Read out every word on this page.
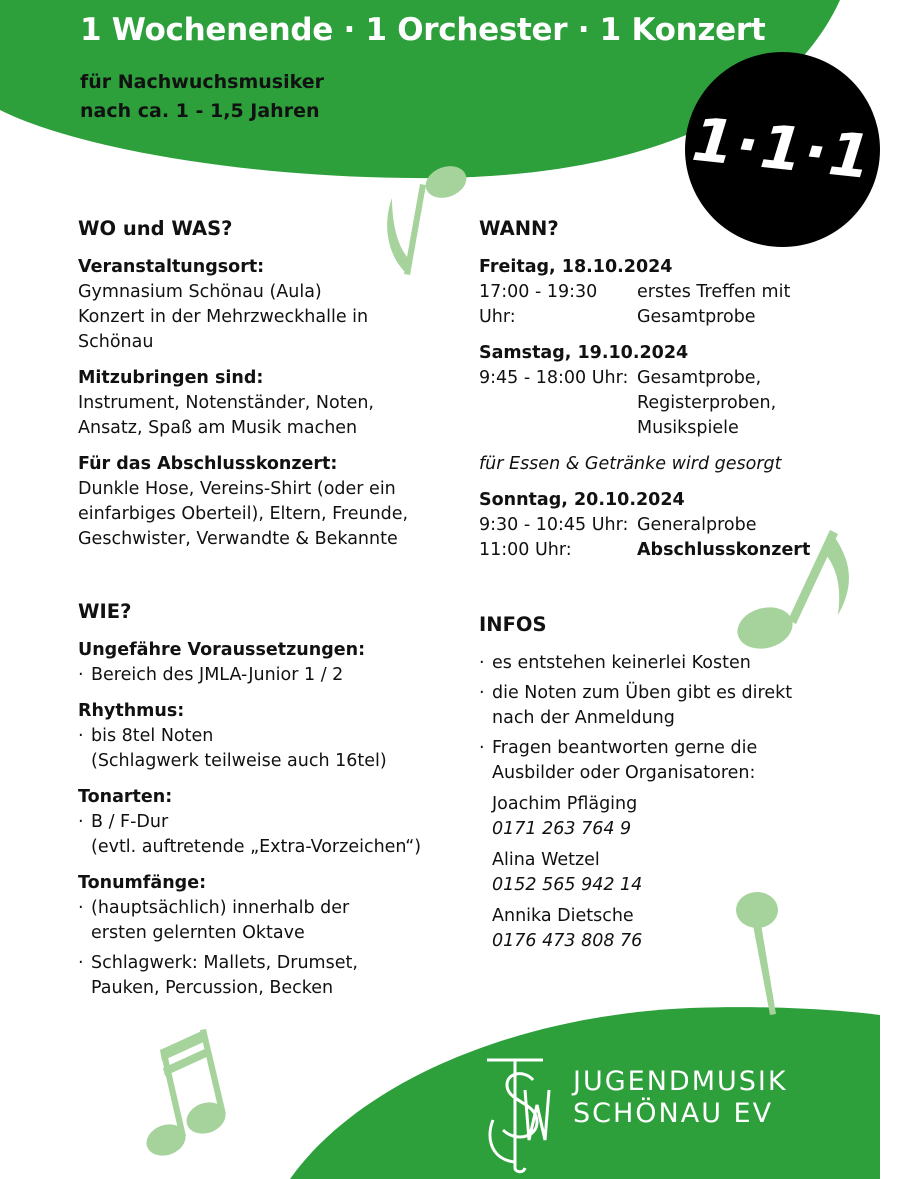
1 Wochenende · 1 Orchester · 1 Konzert
für Nachwuchsmusiker
nach ca. 1 - 1,5 Jahren	1·1·1
WO und WAS?

Veranstaltungsort:

Gymnasium Schönau (Aula)

Konzert in der Mehrzweckhalle in

Schönau

Mitzubringen sind:

Instrument, Notenständer, Noten,

Ansatz, Spaß am Musik machen

Für das Abschlusskonzert:

Dunkle Hose, Vereins-Shirt (oder ein

einfarbiges Oberteil), Eltern, Freunde,

Geschwister, Verwandte & Bekannte

WIE?

Ungefähre Voraussetzungen:

· Bereich des JMLA-Junior 1 / 2

Rhythmus:

· bis 8tel Noten
(Schlagwerk teilweise auch 16tel)

Tonarten:

· B / F-Dur
(evtl. auftretende „Extra-Vorzeichen“)

Tonumfänge:

· (hauptsächlich) innerhalb der
ersten gelernten Oktave
· Schlagwerk: Mallets, Drumset,
Pauken, Percussion, Becken
WANN?

Freitag, 18.10.2024

17:00 - 19:30 Uhr:
erstes Treffen mit
Gesamtprobe

Samstag, 19.10.2024

9:45 - 18:00 Uhr: Gesamtprobe,
Registerproben,
Musikspiele

für Essen & Getränke wird gesorgt

Sonntag, 20.10.2024

9:30 - 10:45 Uhr: Generalprobe
11:00 Uhr:	Abschlusskonzert
INFOS

· es entstehen keinerlei Kosten

· die Noten zum Üben gibt es direkt
nach der Anmeldung
· Fragen beantworten gerne die
Ausbilder oder Organisatoren:
Joachim Pfläging
0171 263 764 9
Alina Wetzel
0152 565 942 14
Annika Dietsche
0176 473 808 76
JUGENDMUSIK
SCHÖNAU EV
